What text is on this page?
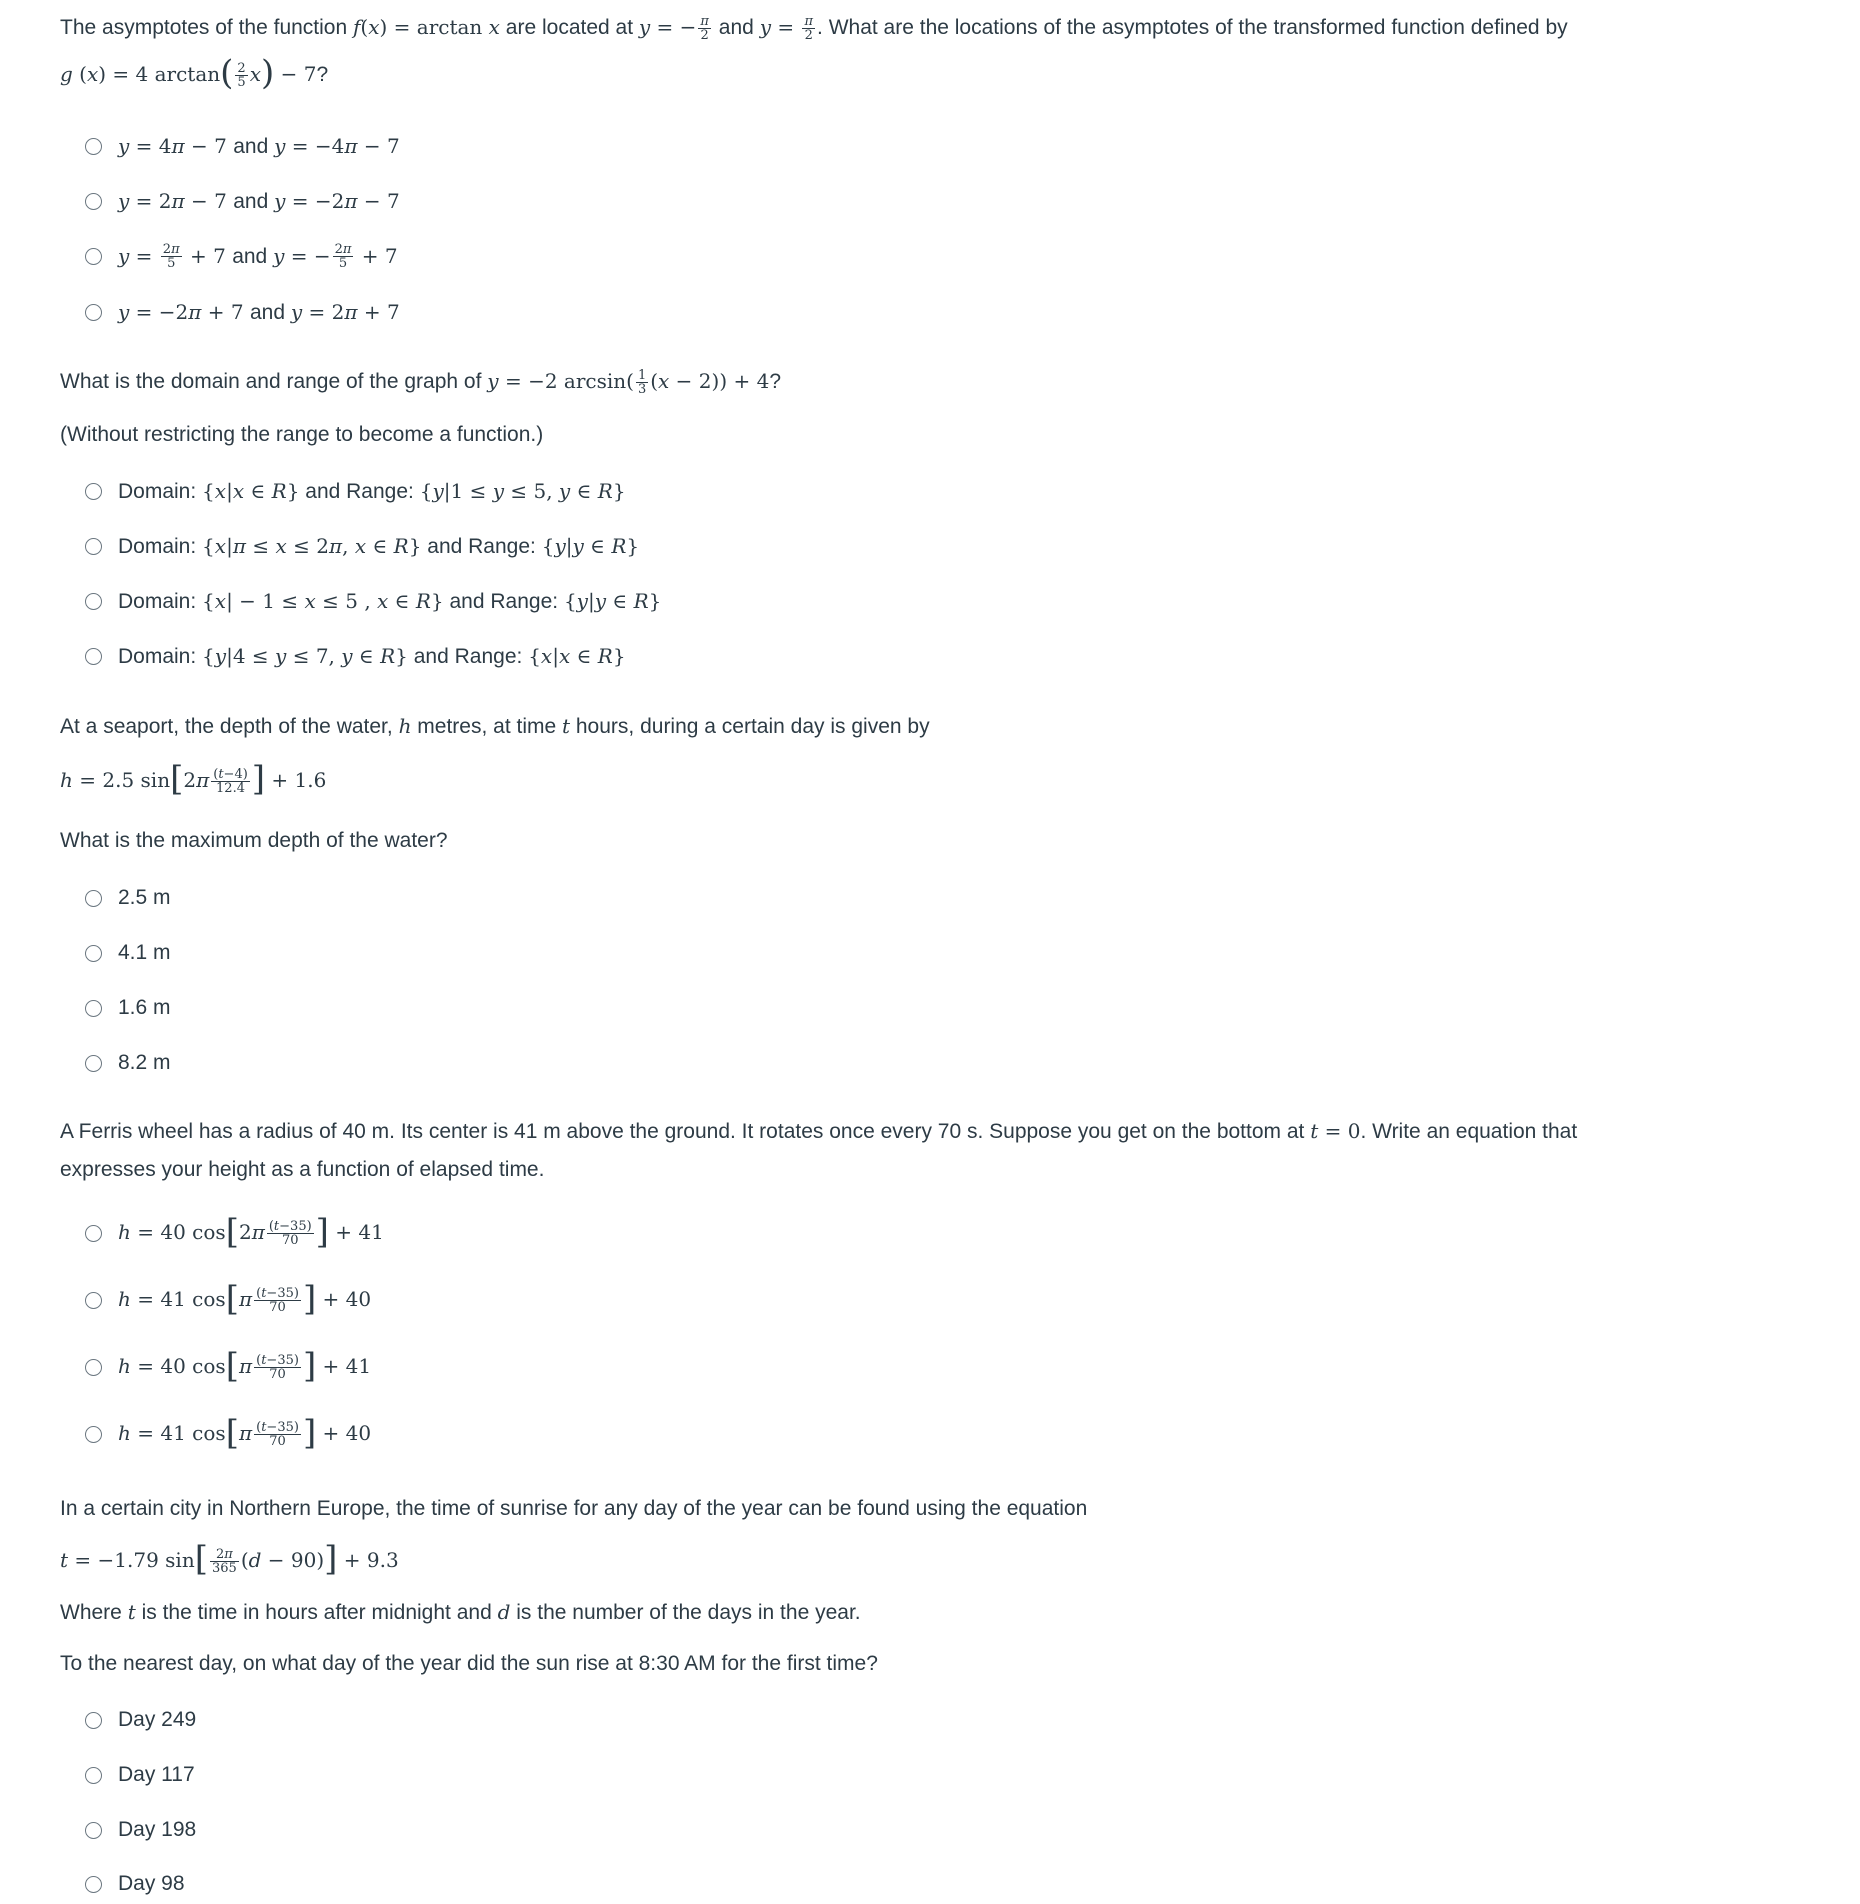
The asymptotes of the function f(x) = arctan x are located at y = − $\frac{\pi}{2}$ and $y = \frac{\pi}{2}$ . What are the locations of the asymptotes of the transformed function defined by
g (x) = 4 $\arctan( \frac{2}{5} x) - 7$?
y = 4π − 7 and y = −4π − 7
y = 2π − 7 and y = −2π − 7
$y = \frac{2\pi}{5} + 7$ and y = − $\frac{2\pi}{5} + 7$
y = −2π + 7 and y = 2π + 7
What is the domain and range of the graph of y = −2 $\arcsin( \frac{1}{3} (x - 2)) + 4$?
(Without restricting the range to become a function.)
Domain: {x|x ∈ R} and Range: {y|1 ≤ y ≤ 5, y ∈ R}
Domain: {x|π ≤ x ≤ 2π, x ∈ R} and Range: {y|y ∈ R}
Domain: {x| − 1 ≤ x ≤ 5 , x ∈ R} and Range: {y|y ∈ R}
Domain: {y|4 ≤ y ≤ 7, y ∈ R} and Range: {x|x ∈ R}
At a seaport, the depth of the water, h metres, at time t hours, during a certain day is given by
h = 2.5 $\sin[2\pi \frac{(t-4)}{12.4}$ ] + 1.6
What is the maximum depth of the water?
2.5 m
4.1 m
1.6 m
8.2 m
A Ferris wheel has a radius of 40 m. Its center is 41 m above the ground. It rotates once every 70 s. Suppose you get on the bottom at t = 0. Write an equation that
expresses your height as a function of elapsed time.
h = 40 $\cos[2\pi \frac{(t-35)}{70}$ ] + 41
h = 41 $\cos[\pi \frac{(t-35)}{70}$ ] + 40
h = 40 $\cos[\pi \frac{(t-35)}{70}$ ] + 41
h = 41 $\cos[\pi \frac{(t-35)}{70}$ ] + 40
In a certain city in Northern Europe, the time of sunrise for any day of the year can be found using the equation
t = −1.79 $\sin[ \frac{2\pi}{365} (d - 90)] + 9.3$
Where t is the time in hours after midnight and d is the number of the days in the year.
To the nearest day, on what day of the year did the sun rise at 8:30 AM for the first time?
Day 249
Day 117
Day 198
Day 98
